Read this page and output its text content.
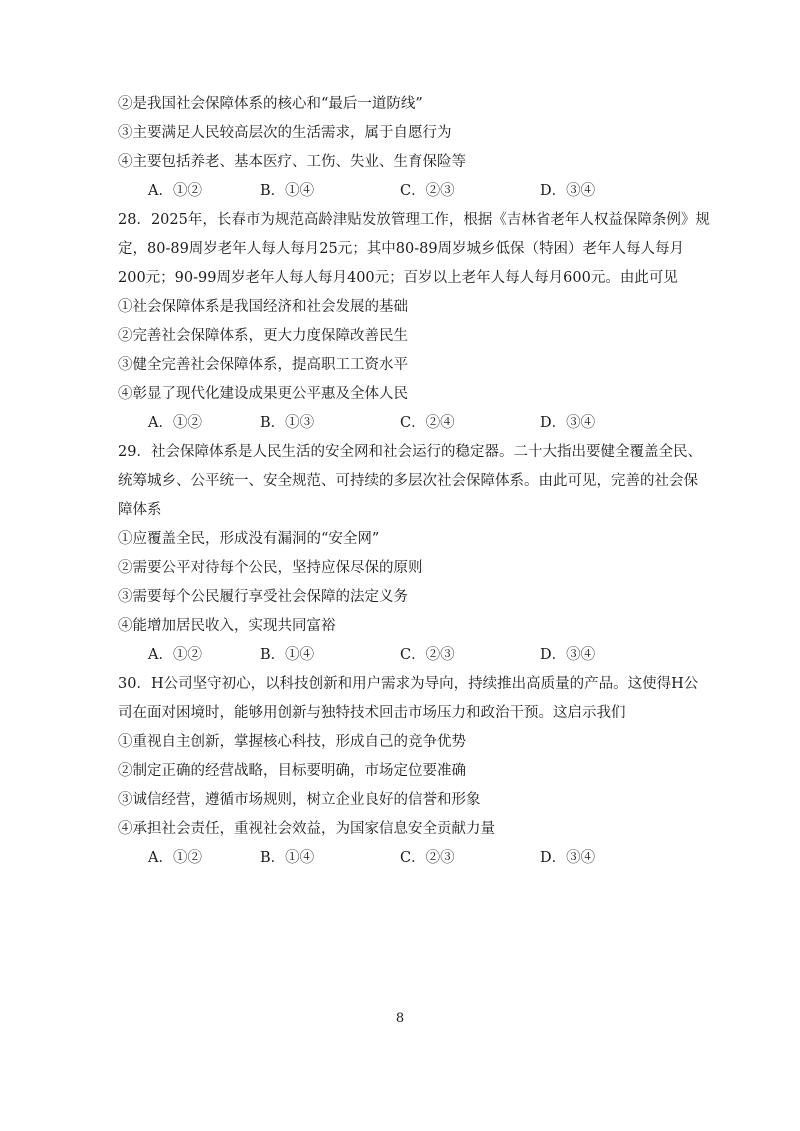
②是我国社会保障体系的核心和“最后一道防线”
③主要满足人民较高层次的生活需求，属于自愿行为
④主要包括养老、基本医疗、工伤、失业、生育保险等
A．①②	B．①④	C．②③	D．③④
28．2025年，长春市为规范高龄津贴发放管理工作，根据《吉林省老年人权益保障条例》规
定，80-89周岁老年人每人每月25元；其中80-89周岁城乡低保（特困）老年人每人每月
200元；90-99周岁老年人每人每月400元；百岁以上老年人每人每月600元。由此可见
①社会保障体系是我国经济和社会发展的基础
②完善社会保障体系，更大力度保障改善民生
③健全完善社会保障体系，提高职工工资水平
④彰显了现代化建设成果更公平惠及全体人民
A．①②	B．①③	C．②④	D．③④
29．社会保障体系是人民生活的安全网和社会运行的稳定器。二十大指出要健全覆盖全民、
统筹城乡、公平统一、安全规范、可持续的多层次社会保障体系。由此可见，完善的社会保
障体系
①应覆盖全民，形成没有漏洞的“安全网”
②需要公平对待每个公民，坚持应保尽保的原则
③需要每个公民履行享受社会保障的法定义务
④能增加居民收入，实现共同富裕
A．①②	B．①④	C．②③	D．③④
30．H公司坚守初心，以科技创新和用户需求为导向，持续推出高质量的产品。这使得H公
司在面对困境时，能够用创新与独特技术回击市场压力和政治干预。这启示我们
①重视自主创新，掌握核心科技，形成自己的竞争优势
②制定正确的经营战略，目标要明确，市场定位要准确
③诚信经营，遵循市场规则，树立企业良好的信誉和形象
④承担社会责任，重视社会效益，为国家信息安全贡献力量
A．①②	B．①④	C．②③	D．③④
8
